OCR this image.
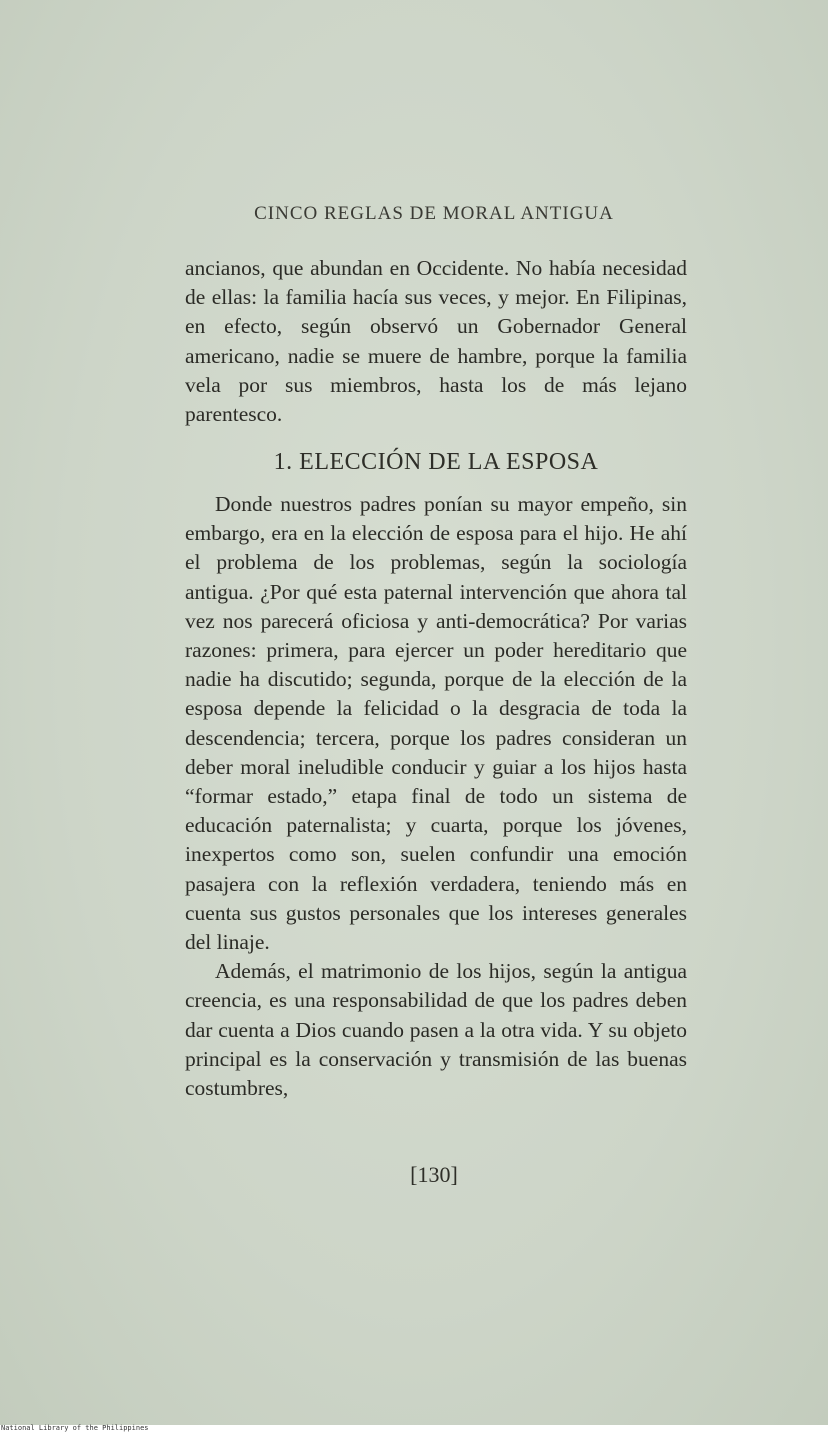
CINCO REGLAS DE MORAL ANTIGUA

ancianos, que abundan en Occidente. No había necesidad de ellas: la familia hacía sus veces, y mejor. En Filipinas, en efecto, según observó un Gobernador General americano, nadie se muere de hambre, porque la familia vela por sus miembros, hasta los de más lejano parentesco.

1. ELECCIÓN DE LA ESPOSA

Donde nuestros padres ponían su mayor empeño, sin embargo, era en la elección de esposa para el hijo. He ahí el problema de los problemas, según la sociología antigua. ¿Por qué esta paternal intervención que ahora tal vez nos parecerá oficiosa y anti-democrática? Por varias razones: primera, para ejercer un poder hereditario que nadie ha discutido; segunda, porque de la elección de la esposa depende la felicidad o la desgracia de toda la descendencia; tercera, porque los padres consideran un deber moral ineludible conducir y guiar a los hijos hasta “formar estado,” etapa final de todo un sistema de educación paternalista; y cuarta, porque los jóvenes, inexpertos como son, suelen confundir una emoción pasajera con la reflexión verdadera, teniendo más en cuenta sus gustos personales que los intereses generales del linaje.

Además, el matrimonio de los hijos, según la antigua creencia, es una responsabilidad de que los padres deben dar cuenta a Dios cuando pasen a la otra vida. Y su objeto principal es la conservación y transmisión de las buenas costumbres,

[130]
National Library of the Philippines
